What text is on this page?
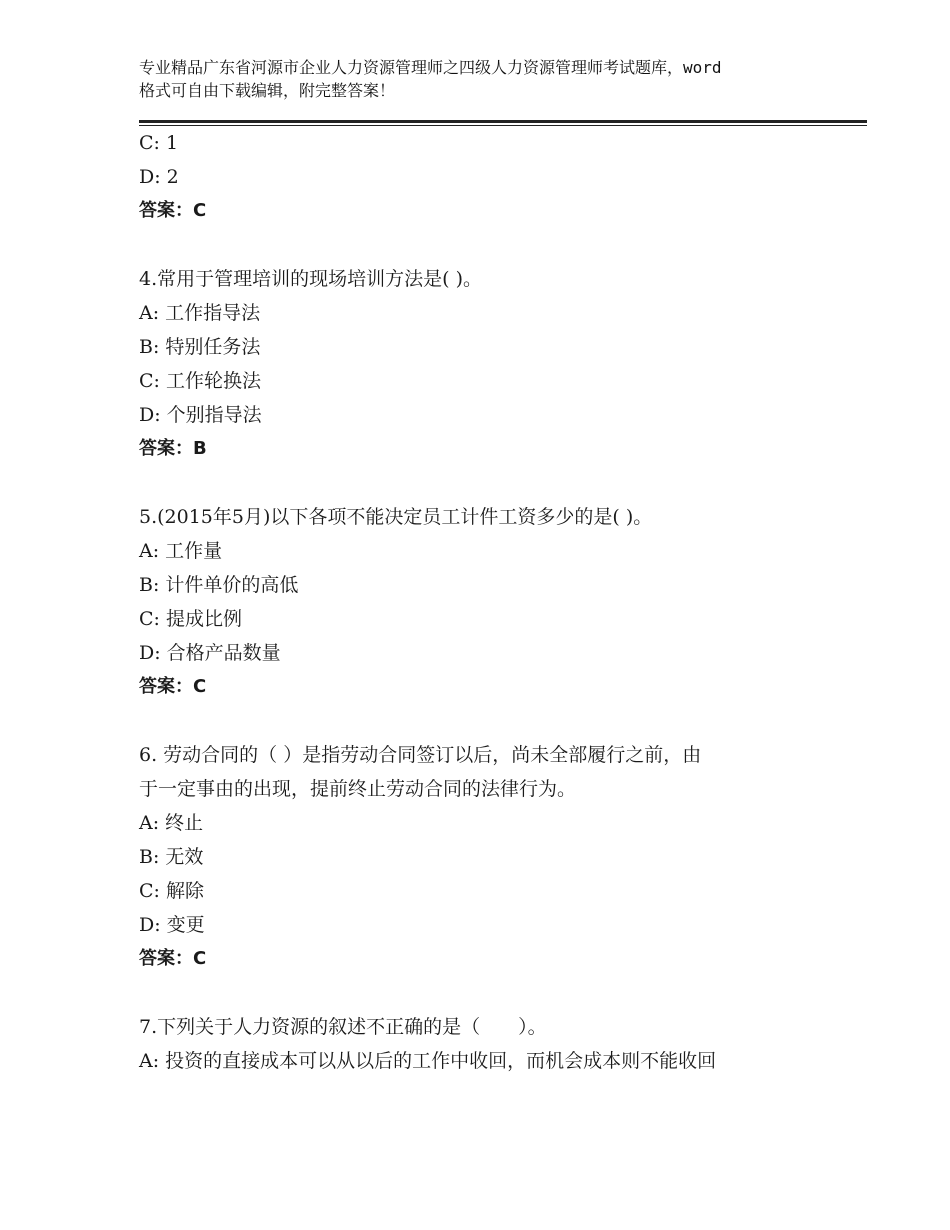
专业精品广东省河源市企业人力资源管理师之四级人力资源管理师考试题库，word
格式可自由下载编辑，附完整答案！
C: 1
D: 2
答案：C
4.常用于管理培训的现场培训方法是( )。
A: 工作指导法
B: 特别任务法
C: 工作轮换法
D: 个别指导法
答案：B
5.(2015年5月)以下各项不能决定员工计件工资多少的是( )。
A: 工作量
B: 计件单价的高低
C: 提成比例
D: 合格产品数量
答案：C
6. 劳动合同的（ ）是指劳动合同签订以后，尚未全部履行之前，由
于一定事由的出现，提前终止劳动合同的法律行为。
A: 终止
B: 无效
C: 解除
D: 变更
答案：C
7.下列关于人力资源的叙述不正确的是（　　）。
A: 投资的直接成本可以从以后的工作中收回，而机会成本则不能收回
